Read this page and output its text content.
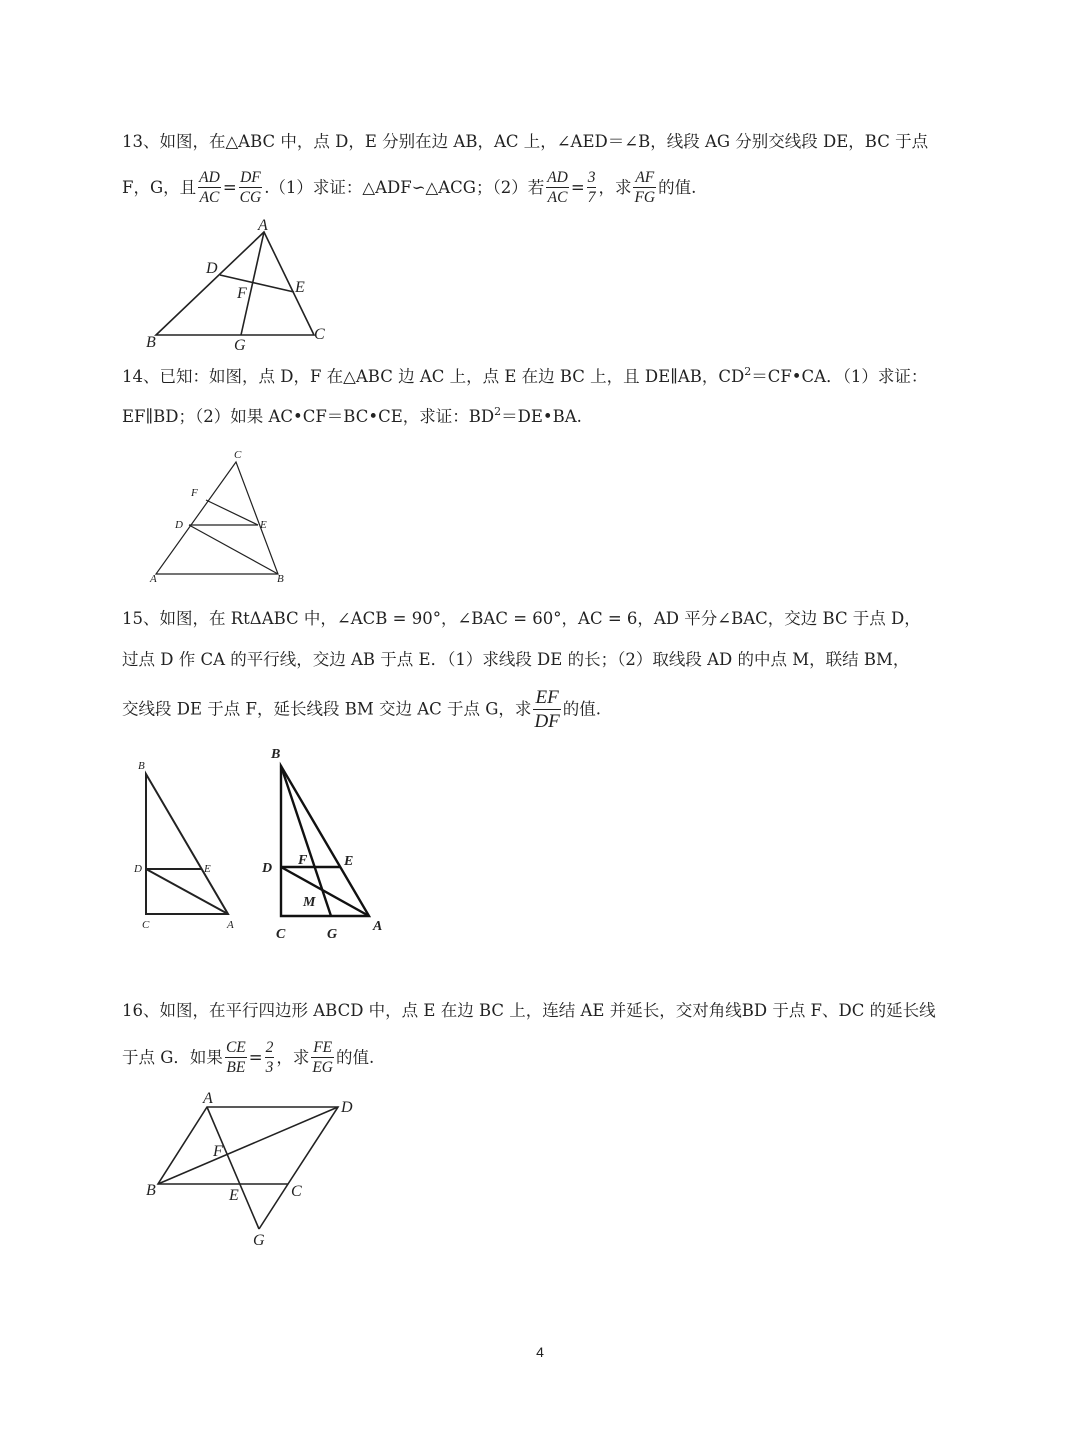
13、如图，在△ABC 中，点 D，E 分别在边 AB，AC 上，∠AED＝∠B，线段 AG 分别交线段 DE，BC 于点
F，G，且 $\frac{AD}{AC} = \frac{DF}{CG} .(1)$求证：△ADF∽△ACG；（2）若 $\frac{AD}{AC} = \frac{3}{7}$ ，求 $\frac{AF}{FG}$ 的值.
A
B	C
D
E
F
G
C
F
D	E
A	B
B
D	E
C	A
B
D
F	E
M
C	G
A
A
D
F
B	E	C
G
14、已知：如图，点 D，F 在△ABC 边 AC 上，点 E 在边 BC 上，且 DE∥AB，$CD^2=CF•CA$．（1）求证：
EF∥BD；（2）如果 AC•CF＝BC•CE，求证：$BD^2=DE•BA$.
15、如图，在 RtΔABC 中，∠ACB = 90°，∠BAC = 60°，AC = 6，AD 平分∠BAC，交边 BC 于点 D，
过点 D 作 CA 的平行线，交边 AB 于点 E．（1）求线段 DE 的长；（2）取线段 AD 的中点 M，联结 BM，
交线段 DE 于点 F，延长线段 BM 交边 AC 于点 G，求 $\frac{EF}{DF}$ 的值.
16、如图，在平行四边形 ABCD 中，点 E 在边 BC 上，连结 AE 并延长，交对角线BD 于点 F、DC 的延长线
于点 G．如果 $\frac{CE}{BE} = \frac{2}{3}$ ，求 $\frac{FE}{EG}$ 的值.
4
